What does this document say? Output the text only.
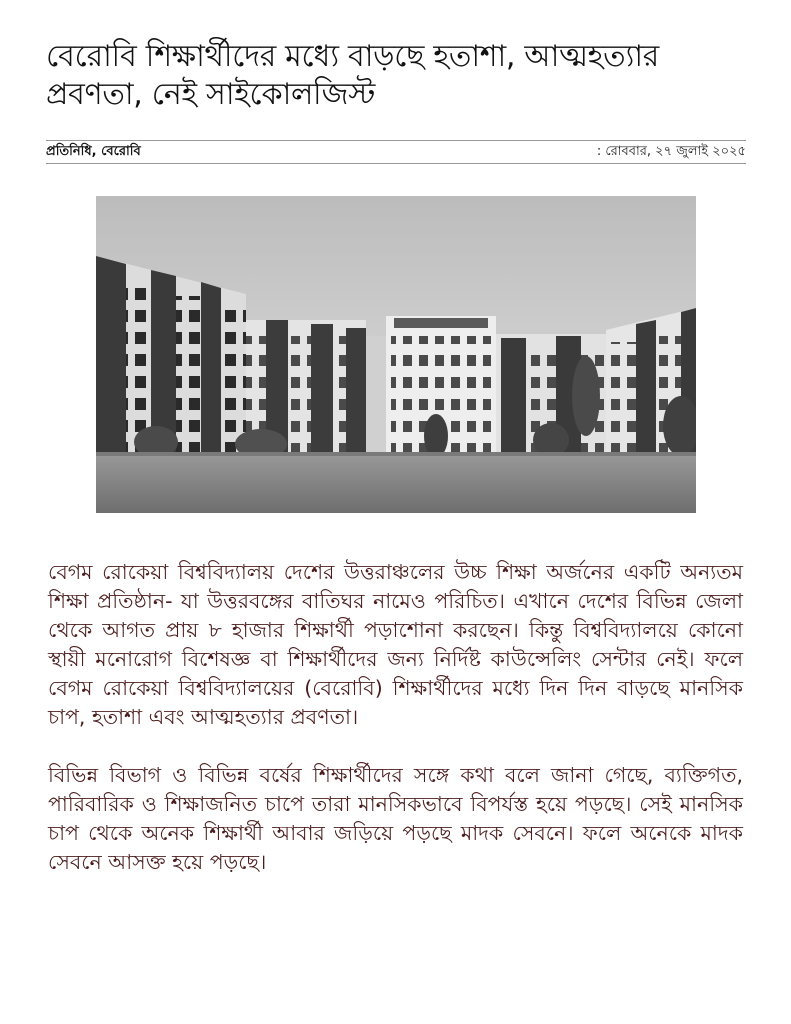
বেরোবি শিক্ষার্থীদের মধ্যে বাড়ছে হতাশা, আত্মহত্যার প্রবণতা, নেই সাইকোলজিস্ট
প্রতিনিধি, বেরোবি	: রোববার, ২৭ জুলাই ২০২৫

বেগম রোকেয়া বিশ্ববিদ্যালয় দেশের উত্তরাঞ্চলের উচ্চ শিক্ষা অর্জনের একটি অন্যতম শিক্ষা প্রতিষ্ঠান- যা উত্তরবঙ্গের বাতিঘর নামেও পরিচিত। এখানে দেশের বিভিন্ন জেলা থেকে আগত প্রায় ৮ হাজার শিক্ষার্থী পড়াশোনা করছেন। কিন্তু বিশ্ববিদ্যালয়ে কোনো স্থায়ী মনোরোগ বিশেষজ্ঞ বা শিক্ষার্থীদের জন্য নির্দিষ্ট কাউন্সেলিং সেন্টার নেই। ফলে বেগম রোকেয়া বিশ্ববিদ্যালয়ের (বেরোবি) শিক্ষার্থীদের মধ্যে দিন দিন বাড়ছে মানসিক চাপ, হতাশা এবং আত্মহত্যার প্রবণতা।

বিভিন্ন বিভাগ ও বিভিন্ন বর্ষের শিক্ষার্থীদের সঙ্গে কথা বলে জানা গেছে, ব্যক্তিগত, পারিবারিক ও শিক্ষাজনিত চাপে তারা মানসিকভাবে বিপর্যস্ত হয়ে পড়ছে। সেই মানসিক চাপ থেকে অনেক শিক্ষার্থী আবার জড়িয়ে পড়ছে মাদক সেবনে। ফলে অনেকে মাদক সেবনে আসক্ত হয়ে পড়ছে।
